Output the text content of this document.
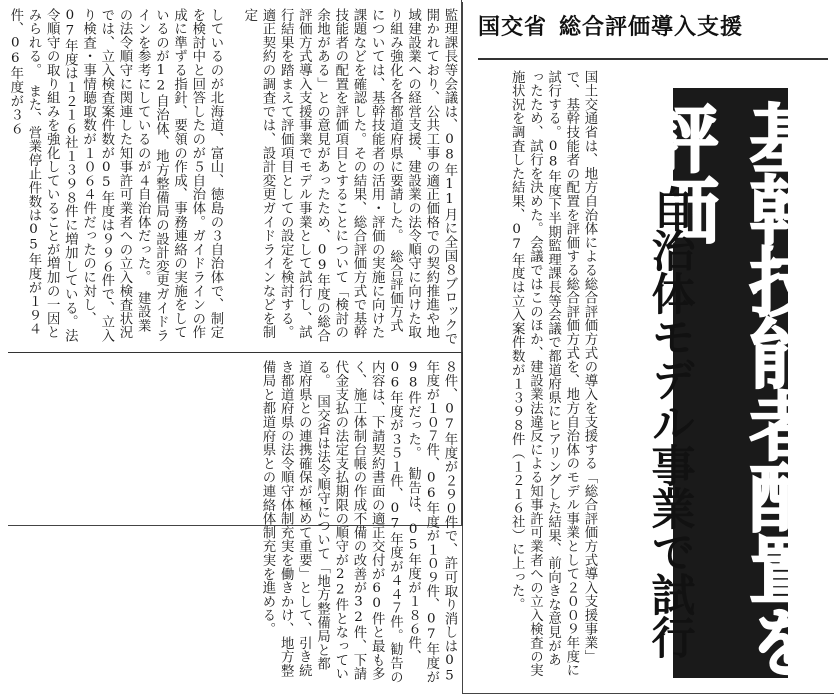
国交省 総合評価導入支援
基幹技能者配置を評価
自治体モデル事業で試行

国土交通省は、地方自治体による総合評価方式の導入を支援する「総合評価方式導入支援事業」で、基幹技能者の配置を評価する総合評価方式を、地方自治体のモデル事業として２００９年度に試行する。08年度下半期監理課長等会議で都道府県にヒアリングした結果、前向きな意見があったため、試行を決めた。会議ではこのほか、建設業法違反による知事許可業者への立入検査の実施状況を調査した結果、07年度は立入案件数が１３９８件（１２１６社）に上った。

監理課長等会議は、08年11月に全国８ブロックで開かれており、公共工事の適正価格での契約推進や地域建設業への経営支援、建設業の法令順守に向けた取り組み強化を各都道府県に要請した。　総合評価方式については、基幹技能者の活用・評価の実施に向けた課題などを確認した。その結果、総合評価方式で基幹技能者の配置を評価項目とすることについて「検討の余地がある」との意見があったため、09年度の総合評価方式導入支援事業でモデル事業として試行し、試行結果を踏まえて評価項目としての設定を検討する。　適正契約の調査では、設計変更ガイドラインなどを制定

しているのが北海道、富山、徳島の３自治体で、制定を検討中と回答したのが５自治体。ガイドラインの作成に準ずる指針、要領の作成、事務連絡の実施をしているのが12自治体、地方整備局の設計変更ガイドラインを参考にしているのが４自治体だった。　建設業の法令順守に関連した知事許可業者への立入検査状況では、立入検査案件数が05年度は９９６件で、立入り検査・事情聴取数が１０６４件だったのに対し、07年度は１２１６社１３９８件に増加している。法令順守の取り組みを強化していることが増加の一因とみられる。　また、営業停止件数は05年度が１９４件、06年度が３６

８件、07年度が２９０件で、許可取り消しは05年度が１０７件、06年度が１０９件、07年度が98件だった。　勧告は、05年度が１８６件、06年度が３５１件、07年度が４４７件。勧告の内容は、下請契約書面の適正交付が60件と最も多く、施工体制台帳の作成不備の改善が32件、下請代金支払の法定支払期限の順守が22件となっている。　国交省は法令順守について「地方整備局と都道府県との連携確保が極めて重要」として、引き続き都道府県の法令順守体制充実を働きかけ、地方整備局と都道府県との連絡体制充実を進める。
